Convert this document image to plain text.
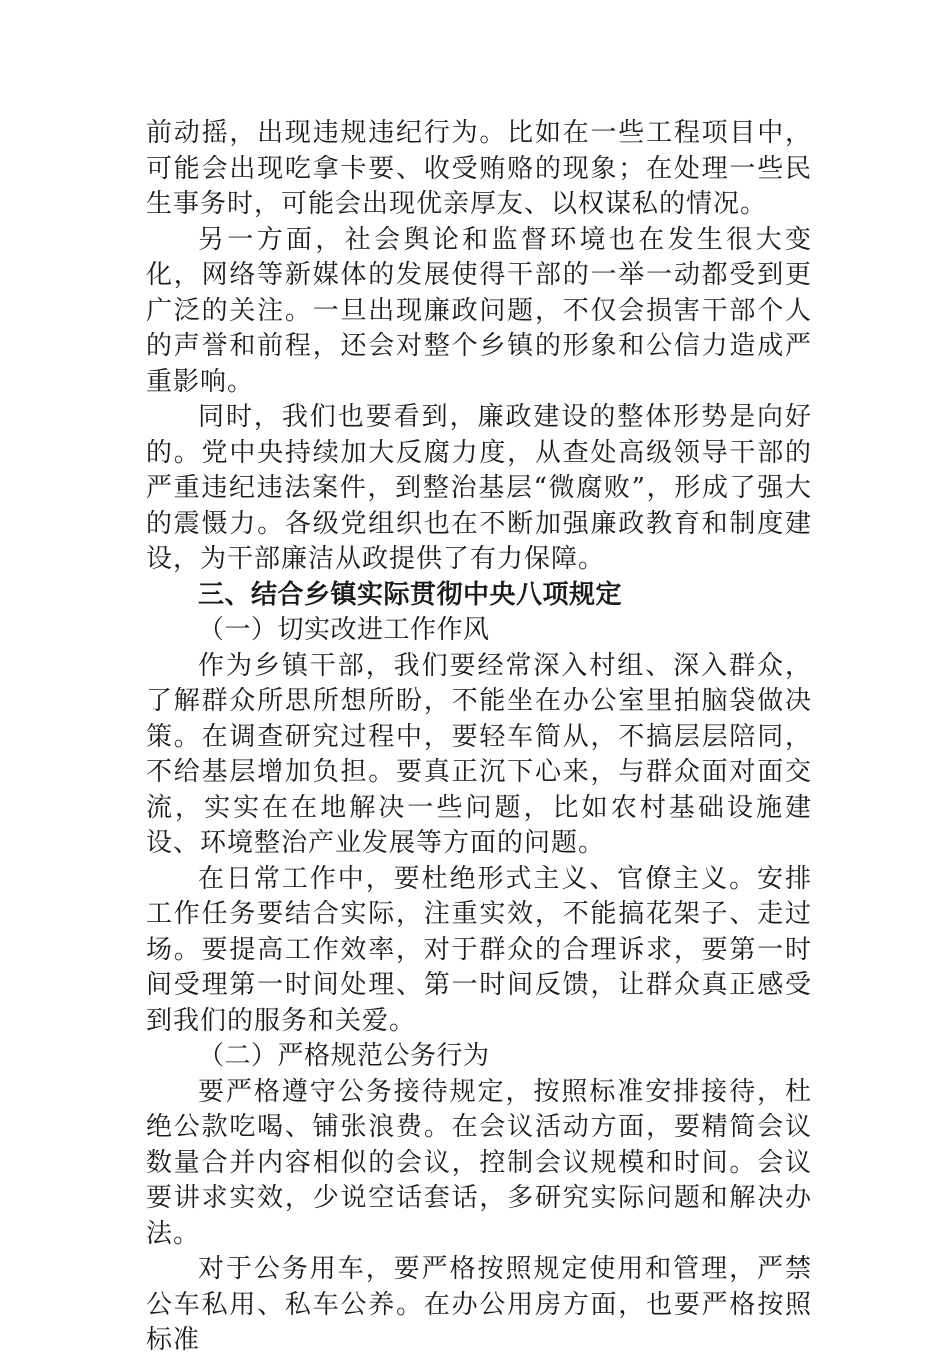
前动摇，出现违规违纪行为。比如在一些工程项目中，可能会出现吃拿卡要、收受贿赂的现象；在处理一些民生事务时，可能会出现优亲厚友、以权谋私的情况。

另一方面，社会舆论和监督环境也在发生很大变化，网络等新媒体的发展使得干部的一举一动都受到更广泛的关注。一旦出现廉政问题，不仅会损害干部个人的声誉和前程，还会对整个乡镇的形象和公信力造成严重影响。

同时，我们也要看到，廉政建设的整体形势是向好的。党中央持续加大反腐力度，从查处高级领导干部的严重违纪违法案件，到整治基层“微腐败”，形成了强大的震慑力。各级党组织也在不断加强廉政教育和制度建设，为干部廉洁从政提供了有力保障。

三、结合乡镇实际贯彻中央八项规定

（一）切实改进工作作风

作为乡镇干部，我们要经常深入村组、深入群众，了解群众所思所想所盼，不能坐在办公室里拍脑袋做决策。在调查研究过程中，要轻车简从，不搞层层陪同，不给基层增加负担。要真正沉下心来，与群众面对面交流，实实在在地解决一些问题，比如农村基础设施建设、环境整治产业发展等方面的问题。

在日常工作中，要杜绝形式主义、官僚主义。安排工作任务要结合实际，注重实效，不能搞花架子、走过场。要提高工作效率，对于群众的合理诉求，要第一时间受理第一时间处理、第一时间反馈，让群众真正感受到我们的服务和关爱。

（二）严格规范公务行为

要严格遵守公务接待规定，按照标准安排接待，杜绝公款吃喝、铺张浪费。在会议活动方面，要精简会议数量合并内容相似的会议，控制会议规模和时间。会议要讲求实效，少说空话套话，多研究实际问题和解决办法。

对于公务用车，要严格按照规定使用和管理，严禁公车私用、私车公养。在办公用房方面，也要严格按照标准
